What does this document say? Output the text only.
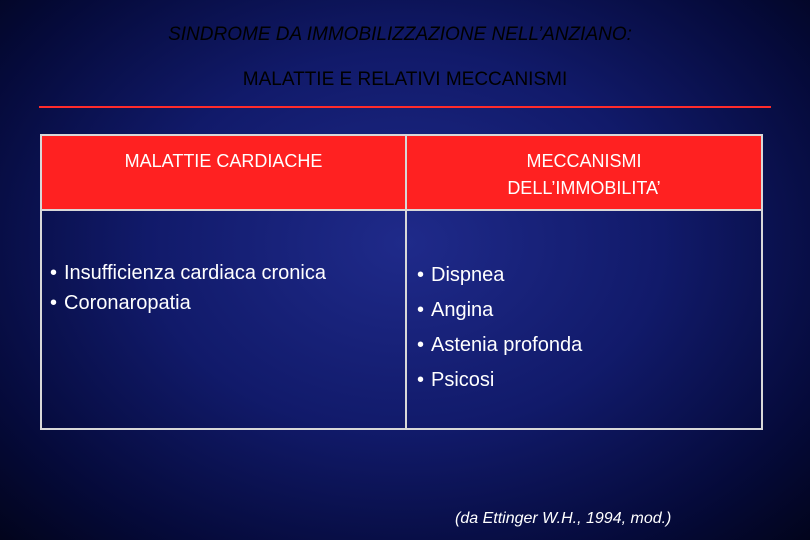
SINDROME DA IMMOBILIZZAZIONE NELL’ANZIANO:
MALATTIE E RELATIVI MECCANISMI
MALATTIE CARDIACHE
• Insufficienza cardiaca cronica
• Coronaropatia
MECCANISMI
DELL’IMMOBILITA’
• Dispnea
• Angina
• Astenia profonda
• Psicosi
(da Ettinger W.H., 1994, mod.)
